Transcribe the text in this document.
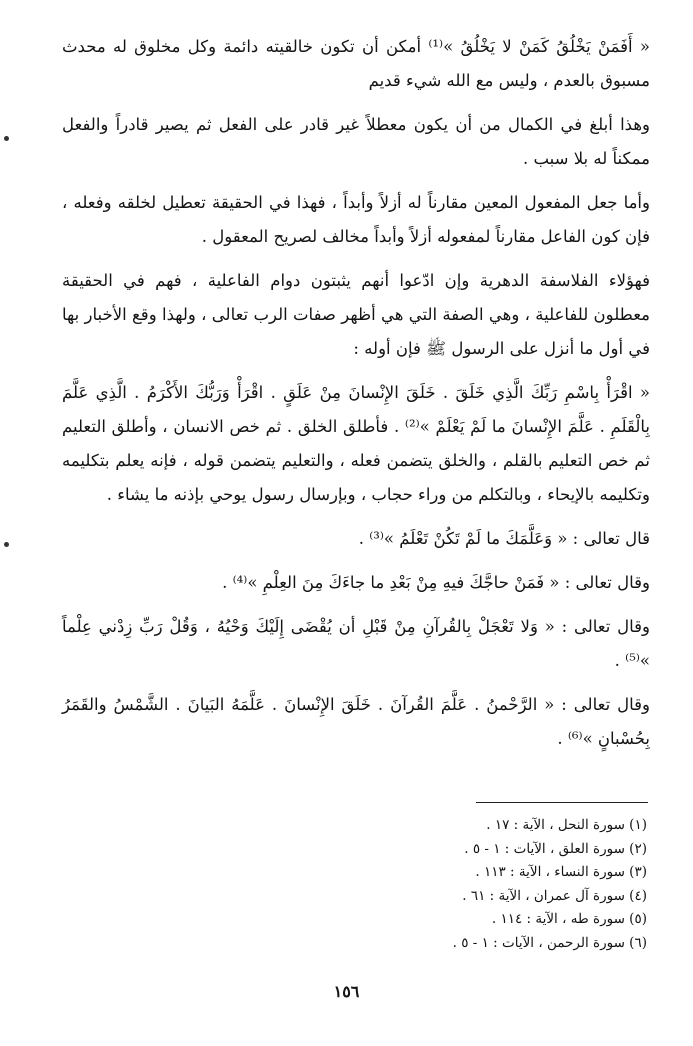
« أَفَمَنْ يَخْلُقُ كَمَنْ لا يَخْلُقُ »⁽¹⁾ أمكن أن تكون خالقيته دائمة وكل مخلوق له محدث مسبوق بالعدم ، وليس مع الله شيء قديم

وهذا أبلغ في الكمال من أن يكون معطلاً غير قادر على الفعل ثم يصير قادراً والفعل ممكناً له بلا سبب .

وأما جعل المفعول المعين مقارناً له أزلاً وأبداً ، فهذا في الحقيقة تعطيل لخلقه وفعله ، فإن كون الفاعل مقارناً لمفعوله أزلاً وأبداً مخالف لصريح المعقول .

فهؤلاء الفلاسفة الدهرية وإن ادّعوا أنهم يثبتون دوام الفاعلية ، فهم في الحقيقة معطلون للفاعلية ، وهي الصفة التي هي أظهر صفات الرب تعالى ، ولهذا وقع الأخبار بها في أول ما أنزل على الرسول ﷺ فإن أوله :

« اقْرَأْ بِاسْمِ رَبِّكَ الَّذِي خَلَقَ . خَلَقَ الإِنْسانَ مِنْ عَلَقٍ . اقْرَأْ وَرَبُّكَ الأَكْرَمُ . الَّذِي عَلَّمَ بِالْقَلَمِ . عَلَّمَ الإِنْسانَ ما لَمْ يَعْلَمْ »⁽²⁾ . فأطلق الخلق . ثم خص الانسان ، وأطلق التعليم ثم خص التعليم بالقلم ، والخلق يتضمن فعله ، والتعليم يتضمن قوله ، فإنه يعلم بتكليمه وتكليمه بالإيحاء ، وبالتكلم من وراء حجاب ، وبإرسال رسول يوحي بإذنه ما يشاء .

قال تعالى : « وَعَلَّمَكَ ما لَمْ تَكُنْ تَعْلَمُ »⁽³⁾ .

وقال تعالى : « فَمَنْ حاجَّكَ فيهِ مِنْ بَعْدِ ما جاءَكَ مِنَ العِلْمِ »⁽⁴⁾ .

وقال تعالى : « وَلا تَعْجَلْ بِالقُرآنِ مِنْ قَبْلِ أن يُقْضَى إِلَيْكَ وَحْيُهُ ، وَقُلْ رَبِّ زِدْني عِلْماً »⁽⁵⁾ .

وقال تعالى : « الرَّحْمنُ . عَلَّمَ القُرآنَ . خَلَقَ الإِنْسانَ . عَلَّمَهُ البَيانَ . الشَّمْسُ والقَمَرُ بِحُسْبانٍ »⁽⁶⁾ .

(١) سورة النحل ، الآية : ١٧ .
(٢) سورة العلق ، الآيات : ١ - ٥ .
(٣) سورة النساء ، الآية : ١١٣ .
(٤) سورة آل عمران ، الآية : ٦١ .
(٥) سورة طه ، الآية : ١١٤ .
(٦) سورة الرحمن ، الآيات : ١ - ٥ .
١٥٦
